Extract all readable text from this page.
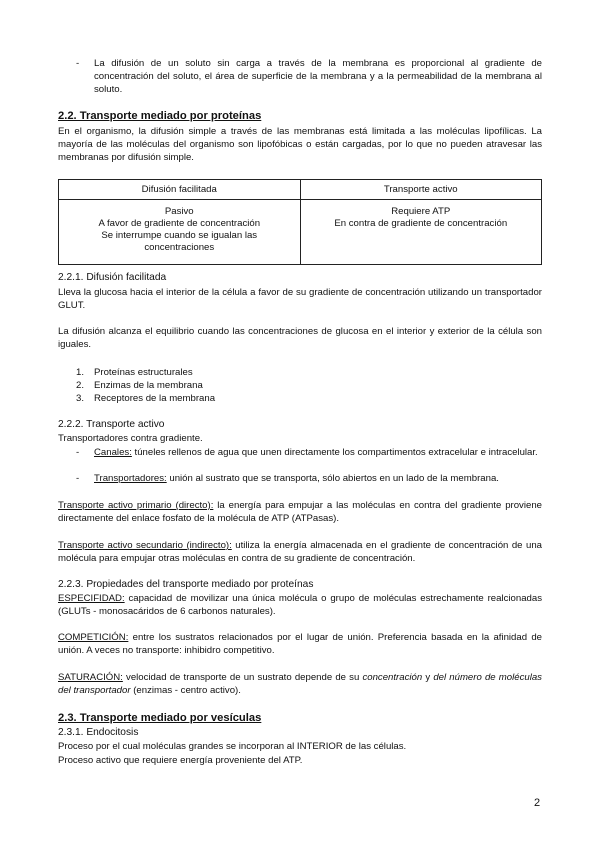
- La difusión de un soluto sin carga a través de la membrana es proporcional al gradiente de concentración del soluto, el área de superficie de la membrana y a la permeabilidad de la membrana al soluto.
2.2. Transporte mediado por proteínas

En el organismo, la difusión simple a través de las membranas está limitada a las moléculas lipofílicas. La mayoría de las moléculas del organismo son lipofóbicas o están cargadas, por lo que no pueden atravesar las membranas por difusión simple.

Difusión facilitada	Transporte activo

Pasivo
A favor de gradiente de concentración
Se interrumpe cuando se igualan las
concentraciones	Requiere ATP
En contra de gradiente de concentración
2.2.1. Difusión facilitada

Lleva la glucosa hacia el interior de la célula a favor de su gradiente de concentración utilizando un transportador GLUT.

La difusión alcanza el equilibrio cuando las concentraciones de glucosa en el interior y exterior de la célula son iguales.

1. Proteínas estructurales
2. Enzimas de la membrana
3. Receptores de la membrana
2.2.2. Transporte activo
Transportadores contra gradiente.
- Canales: túneles rellenos de agua que unen directamente los compartimentos extracelular e intracelular.
- Transportadores: unión al sustrato que se transporta, sólo abiertos en un lado de la membrana.

Transporte activo primario (directo): la energía para empujar a las moléculas en contra del gradiente proviene directamente del enlace fosfato de la molécula de ATP (ATPasas).

Transporte activo secundario (indirecto): utiliza la energía almacenada en el gradiente de concentración de una molécula para empujar otras moléculas en contra de su gradiente de concentración.

2.2.3. Propiedades del transporte mediado por proteínas

ESPECIFIDAD: capacidad de movilizar una única molécula o grupo de moléculas estrechamente realcionadas (GLUTs - monosacáridos de 6 carbonos naturales).

COMPETICIÓN: entre los sustratos relacionados por el lugar de unión. Preferencia basada en la afinidad de unión. A veces no transporte: inhibidro competitivo.

SATURACIÓN: velocidad de transporte de un sustrato depende de su concentración y del número de moléculas del transportador (enzimas - centro activo).

2.3. Transporte mediado por vesículas
2.3.1. Endocitosis
Proceso por el cual moléculas grandes se incorporan al INTERIOR de las células.
Proceso activo que requiere energía proveniente del ATP.
2
